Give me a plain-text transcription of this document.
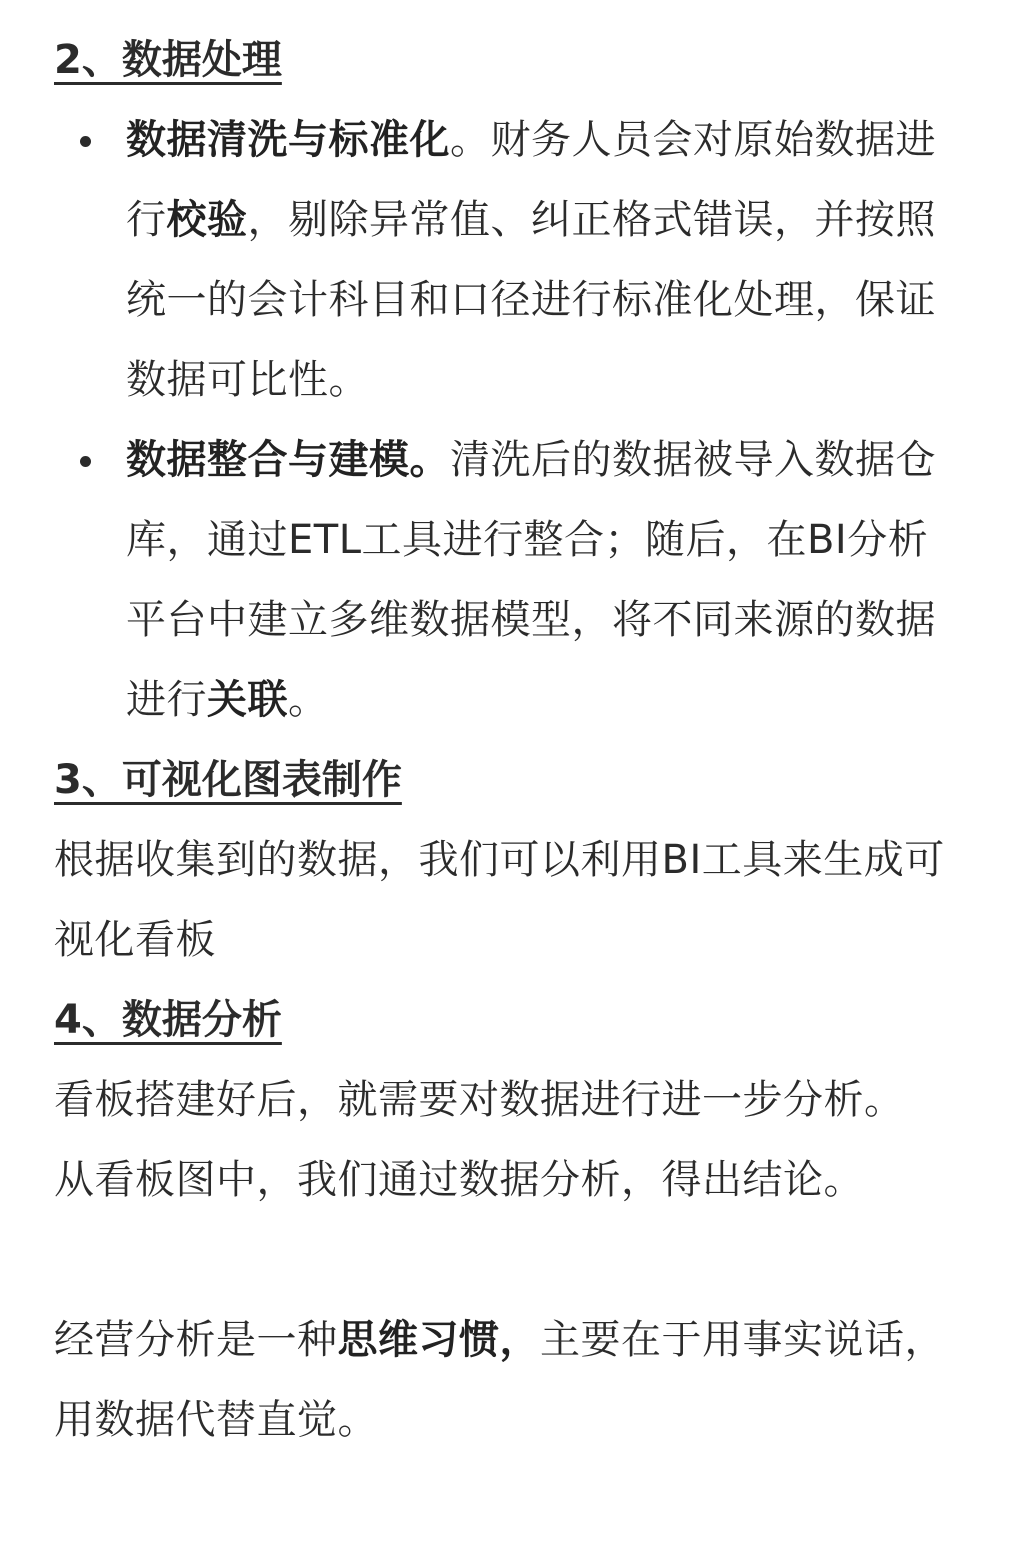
2、数据处理
数据清洗与标准化。财务人员会对原始数据进行校验，剔除异常值、纠正格式错误，并按照统一的会计科目和口径进行标准化处理，保证数据可比性。
数据整合与建模。清洗后的数据被导入数据仓库，通过ETL工具进行整合；随后，在BI分析平台中建立多维数据模型，将不同来源的数据进行关联。
3、可视化图表制作

根据收集到的数据，我们可以利用BI工具来生成可视化看板

4、数据分析

看板搭建好后，就需要对数据进行进一步分析。

从看板图中，我们通过数据分析，得出结论。

经营分析是一种思维习惯，主要在于用事实说话，用数据代替直觉。
